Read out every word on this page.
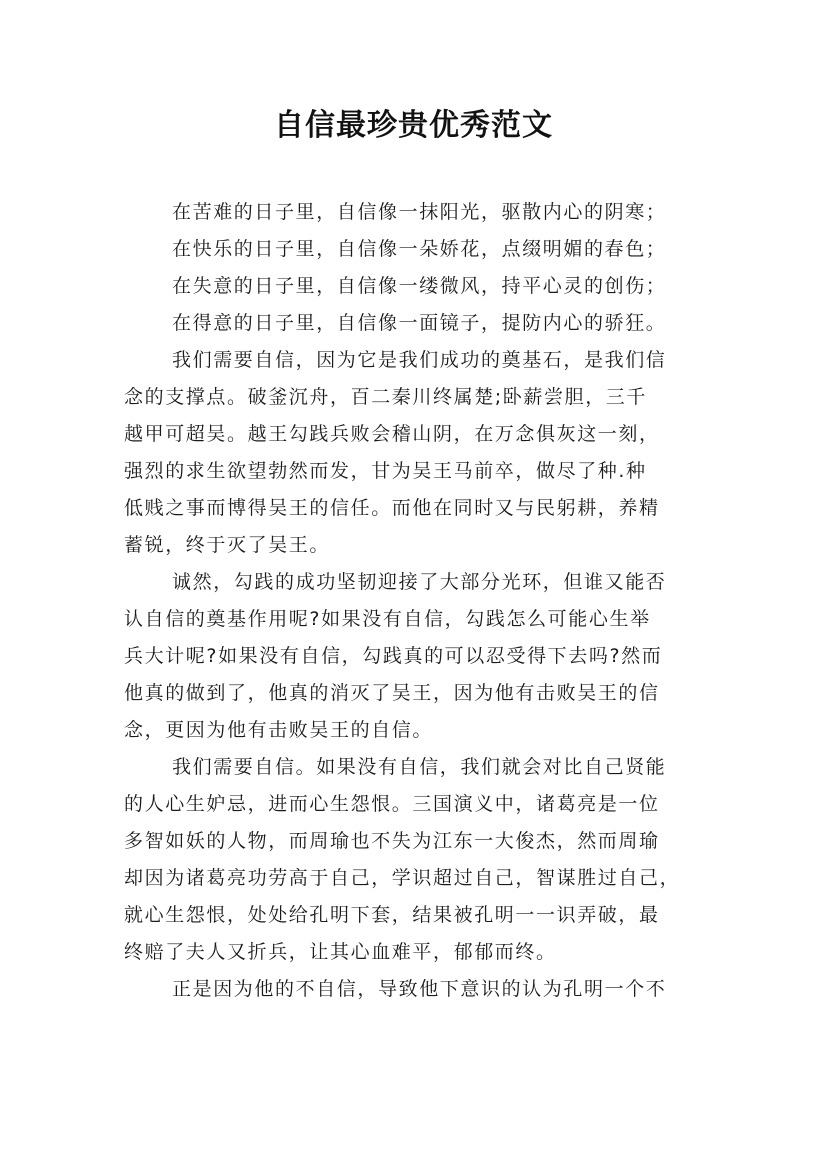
自信最珍贵优秀范文
在苦难的日子里，自信像一抹阳光，驱散内心的阴寒；
在快乐的日子里，自信像一朵娇花，点缀明媚的春色；
在失意的日子里，自信像一缕微风，持平心灵的创伤；
在得意的日子里，自信像一面镜子，提防内心的骄狂。
我们需要自信，因为它是我们成功的奠基石，是我们信
念的支撑点。破釜沉舟，百二秦川终属楚;卧薪尝胆，三千
越甲可超吴。越王勾践兵败会稽山阴，在万念俱灰这一刻，
强烈的求生欲望勃然而发，甘为吴王马前卒，做尽了种.种
低贱之事而博得吴王的信任。而他在同时又与民躬耕，养精
蓄锐，终于灭了吴王。
诚然，勾践的成功坚韧迎接了大部分光环，但谁又能否
认自信的奠基作用呢?如果没有自信，勾践怎么可能心生举
兵大计呢?如果没有自信，勾践真的可以忍受得下去吗?然而
他真的做到了，他真的消灭了吴王，因为他有击败吴王的信
念，更因为他有击败吴王的自信。
我们需要自信。如果没有自信，我们就会对比自己贤能
的人心生妒忌，进而心生怨恨。三国演义中，诸葛亮是一位
多智如妖的人物，而周瑜也不失为江东一大俊杰，然而周瑜
却因为诸葛亮功劳高于自己，学识超过自己，智谋胜过自己，
就心生怨恨，处处给孔明下套，结果被孔明一一识弄破，最
终赔了夫人又折兵，让其心血难平，郁郁而终。
正是因为他的不自信，导致他下意识的认为孔明一个不
